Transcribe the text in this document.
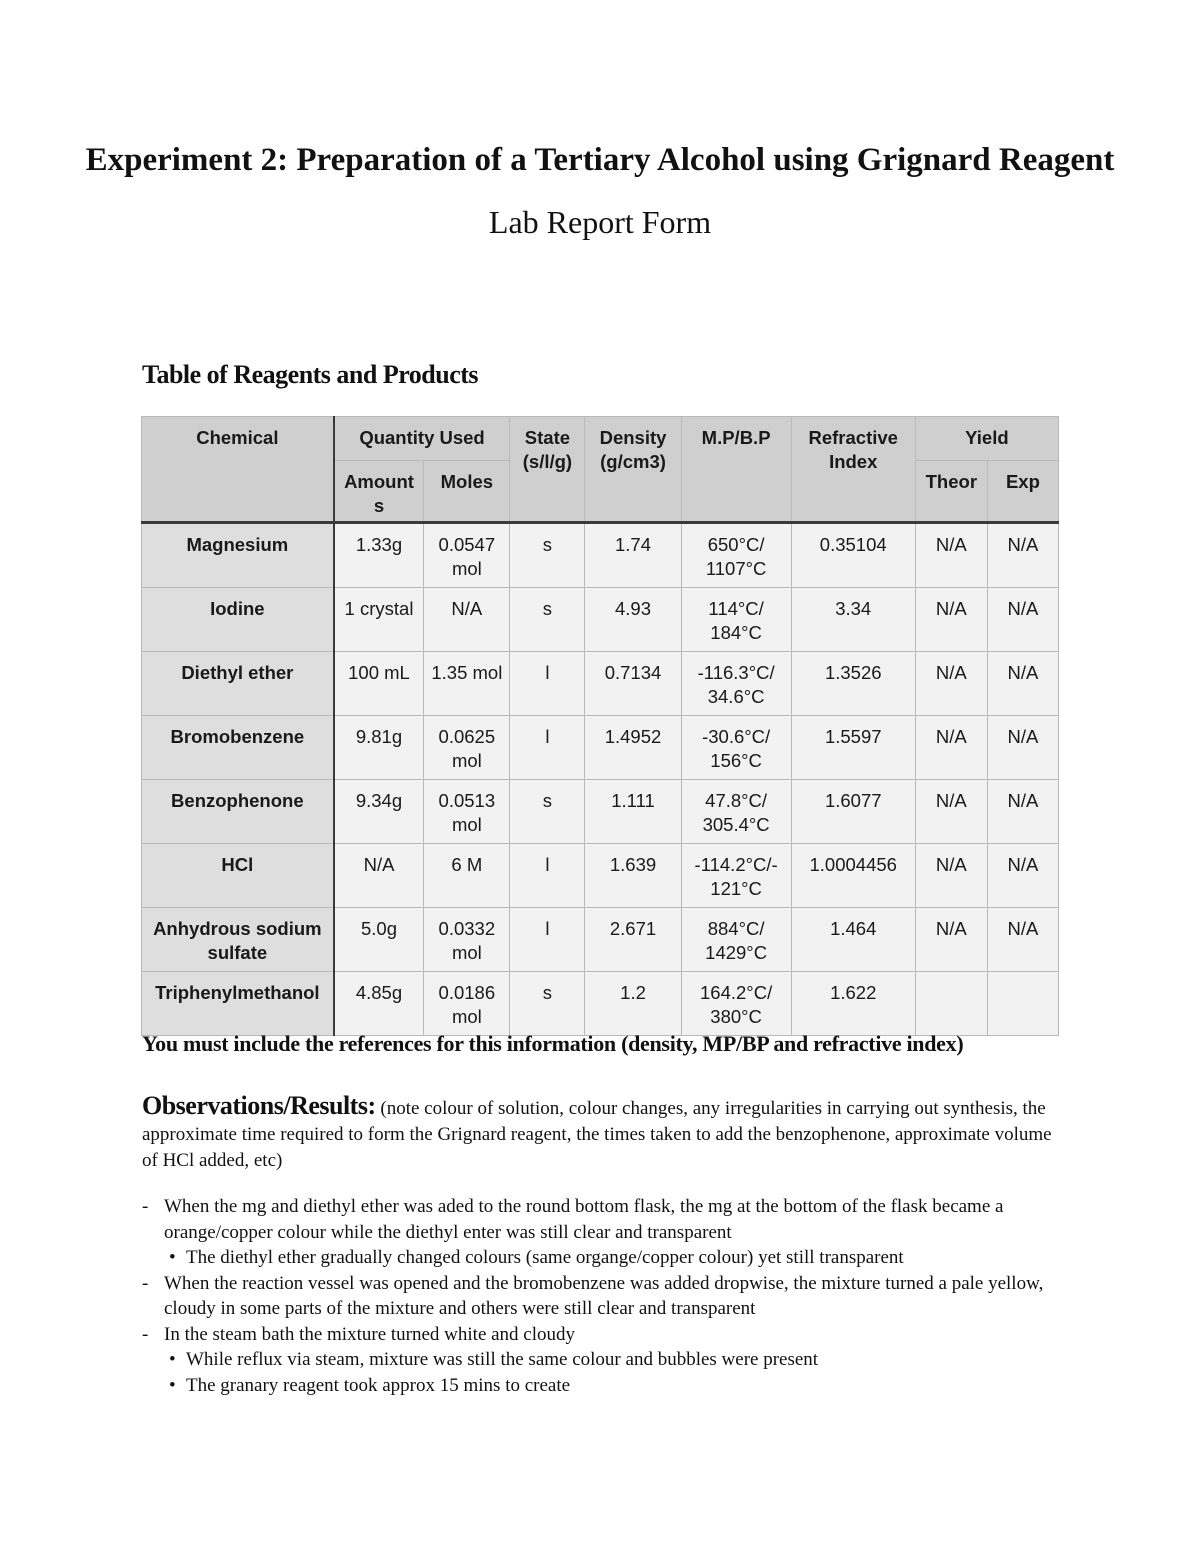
Experiment 2: Preparation of a Tertiary Alcohol using Grignard Reagent
Lab Report Form
Table of Reagents and Products
Chemical	Quantity Used		State (s/l/g)	Density (g/cm3)	M.P/B.P	Refractive Index	Yield	
	Amount s	Moles					Theor	Exp
Magnesium	1.33g	0.0547 mol	s	1.74	650°C/ 1107°C	0.35104	N/A	N/A
Iodine	1 crystal	N/A	s	4.93	114°C/ 184°C	3.34	N/A	N/A
Diethyl ether	100 mL	1.35 mol	l	0.7134	-116.3°C/ 34.6°C	1.3526	N/A	N/A
Bromobenzene	9.81g	0.0625 mol	l	1.4952	-30.6°C/ 156°C	1.5597	N/A	N/A
Benzophenone	9.34g	0.0513 mol	s	1.111	47.8°C/ 305.4°C	1.6077	N/A	N/A
HCl	N/A	6 M	l	1.639	-114.2°C/- 121°C	1.0004456	N/A	N/A
Anhydrous sodium sulfate	5.0g	0.0332 mol	l	2.671	884°C/ 1429°C	1.464	N/A	N/A
Triphenylmethanol	4.85g	0.0186 mol	s	1.2	164.2°C/ 380°C	1.622		
You must include the references for this information (density, MP/BP and refractive index)
Observations/Results: (note colour of solution, colour changes, any irregularities in carrying out synthesis, the approximate time required to form the Grignard reagent, the times taken to add the benzophenone, approximate volume of HCl added, etc)
- When the mg and diethyl ether was aded to the round bottom flask, the mg at the bottom of the flask became a orange/copper colour while the diethyl enter was still clear and transparent
• The diethyl ether gradually changed colours (same organge/copper colour) yet still transparent
- When the reaction vessel was opened and the bromobenzene was added dropwise, the mixture turned a pale yellow, cloudy in some parts of the mixture and others were still clear and transparent
- In the steam bath the mixture turned white and cloudy
• While reflux via steam, mixture was still the same colour and bubbles were present
• The granary reagent took approx 15 mins to create
